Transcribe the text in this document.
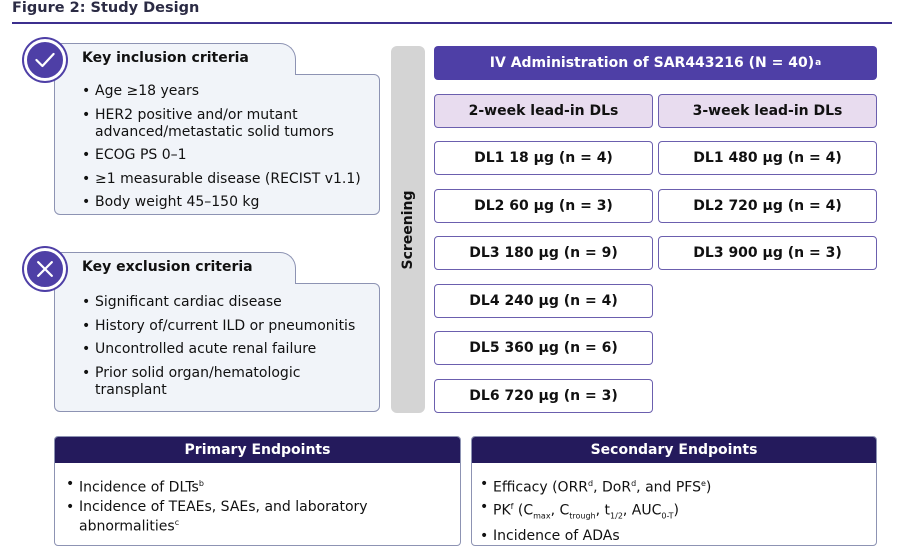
Figure 2: Study Design
Key inclusion criteria
• Age ≥18 years
• HER2 positive and/or mutant advanced/metastatic solid tumors
• ECOG PS 0–1
• ≥1 measurable disease (RECIST v1.1)
• Body weight 45–150 kg
Key exclusion criteria
• Significant cardiac disease
• History of/current ILD or pneumonitis
• Uncontrolled acute renal failure
• Prior solid organ/hematologic transplant
Screening
IV Administration of SAR443216 (N = 40) a
2-week lead-in DLs	3-week lead-in DLs
DL1 18 µg (n = 4)
DL2 60 µg (n = 3)
DL3 180 µg (n = 9)
DL4 240 µg (n = 4)
DL5 360 µg (n = 6)
DL6 720 µg (n = 3)
DL1 480 µg (n = 4)
DL2 720 µg (n = 4)
DL3 900 µg (n = 3)
Primary Endpoints
• Incidence of DLTs$^b$
• Incidence of TEAEs, SAEs, and laboratory
abnormalities$^c$
Secondary Endpoints
• Efficacy (ORR$^d$, DoR$^d$, and PFS$^e$)
• $PK^f$ ($C_{max}$, $C_{trough}$, $t_{1/2}$, $AUC_{0-T}$)
• Incidence of ADAs
